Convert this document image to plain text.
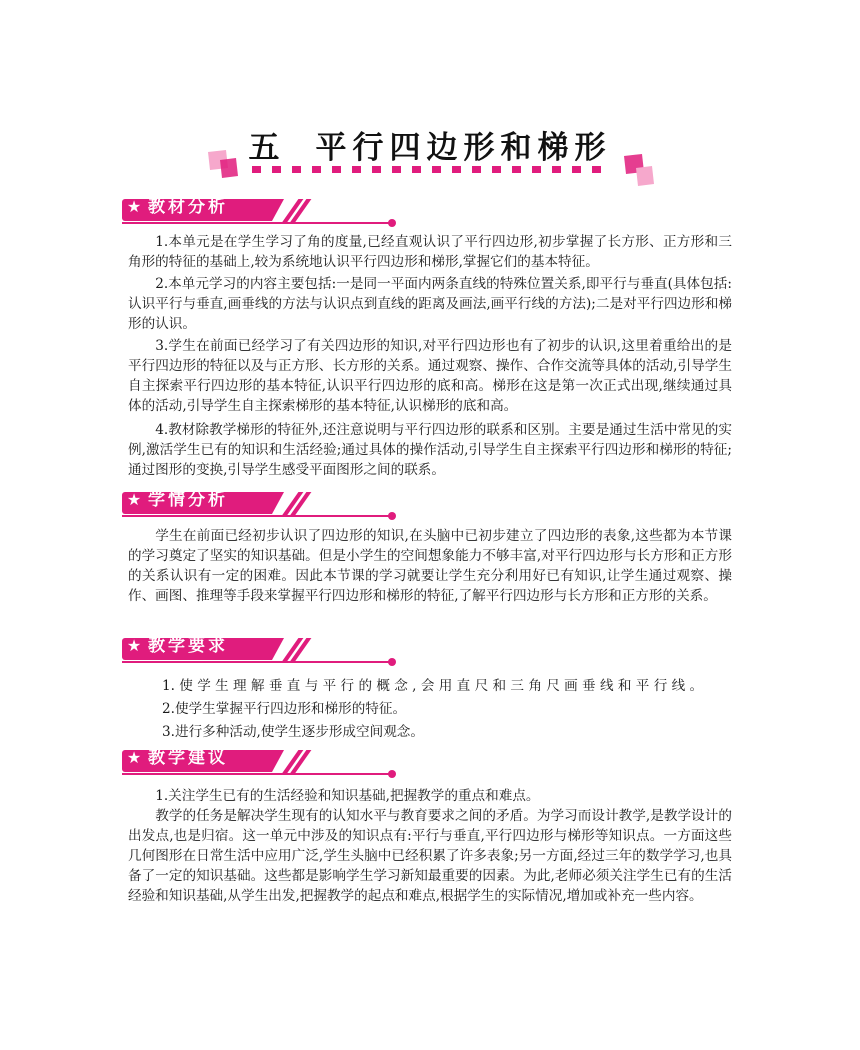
五 平行四边形和梯形
★ 教材分析

1.本单元是在学生学习了角的度量,已经直观认识了平行四边形,初步掌握了长方形、正方形和三角形的特征的基础上,较为系统地认识平行四边形和梯形,掌握它们的基本特征。

2.本单元学习的内容主要包括:一是同一平面内两条直线的特殊位置关系,即平行与垂直(具体包括:认识平行与垂直,画垂线的方法与认识点到直线的距离及画法,画平行线的方法);二是对平行四边形和梯形的认识。

3.学生在前面已经学习了有关四边形的知识,对平行四边形也有了初步的认识,这里着重给出的是平行四边形的特征以及与正方形、长方形的关系。通过观察、操作、合作交流等具体的活动,引导学生自主探索平行四边形的基本特征,认识平行四边形的底和高。梯形在这是第一次正式出现,继续通过具体的活动,引导学生自主探索梯形的基本特征,认识梯形的底和高。

4.教材除教学梯形的特征外,还注意说明与平行四边形的联系和区别。主要是通过生活中常见的实例,激活学生已有的知识和生活经验;通过具体的操作活动,引导学生自主探索平行四边形和梯形的特征;通过图形的变换,引导学生感受平面图形之间的联系。

★ 学情分析

学生在前面已经初步认识了四边形的知识,在头脑中已初步建立了四边形的表象,这些都为本节课的学习奠定了坚实的知识基础。但是小学生的空间想象能力不够丰富,对平行四边形与长方形和正方形的关系认识有一定的困难。因此本节课的学习就要让学生充分利用好已有知识,让学生通过观察、操作、画图、推理等手段来掌握平行四边形和梯形的特征,了解平行四边形与长方形和正方形的关系。

★ 教学要求

1. 使 学 生 理 解 垂 直 与 平 行 的 概 念 , 会 用 直 尺 和 三 角 尺 画 垂 线 和 平 行 线 。

2.使学生掌握平行四边形和梯形的特征。

3.进行多种活动,使学生逐步形成空间观念。

★ 教学建议

1.关注学生已有的生活经验和知识基础,把握教学的重点和难点。

教学的任务是解决学生现有的认知水平与教育要求之间的矛盾。为学习而设计教学,是教学设计的出发点,也是归宿。这一单元中涉及的知识点有:平行与垂直,平行四边形与梯形等知识点。一方面这些几何图形在日常生活中应用广泛,学生头脑中已经积累了许多表象;另一方面,经过三年的数学学习,也具备了一定的知识基础。这些都是影响学生学习新知最重要的因素。为此,老师必须关注学生已有的生活经验和知识基础,从学生出发,把握教学的起点和难点,根据学生的实际情况,增加或补充一些内容。
